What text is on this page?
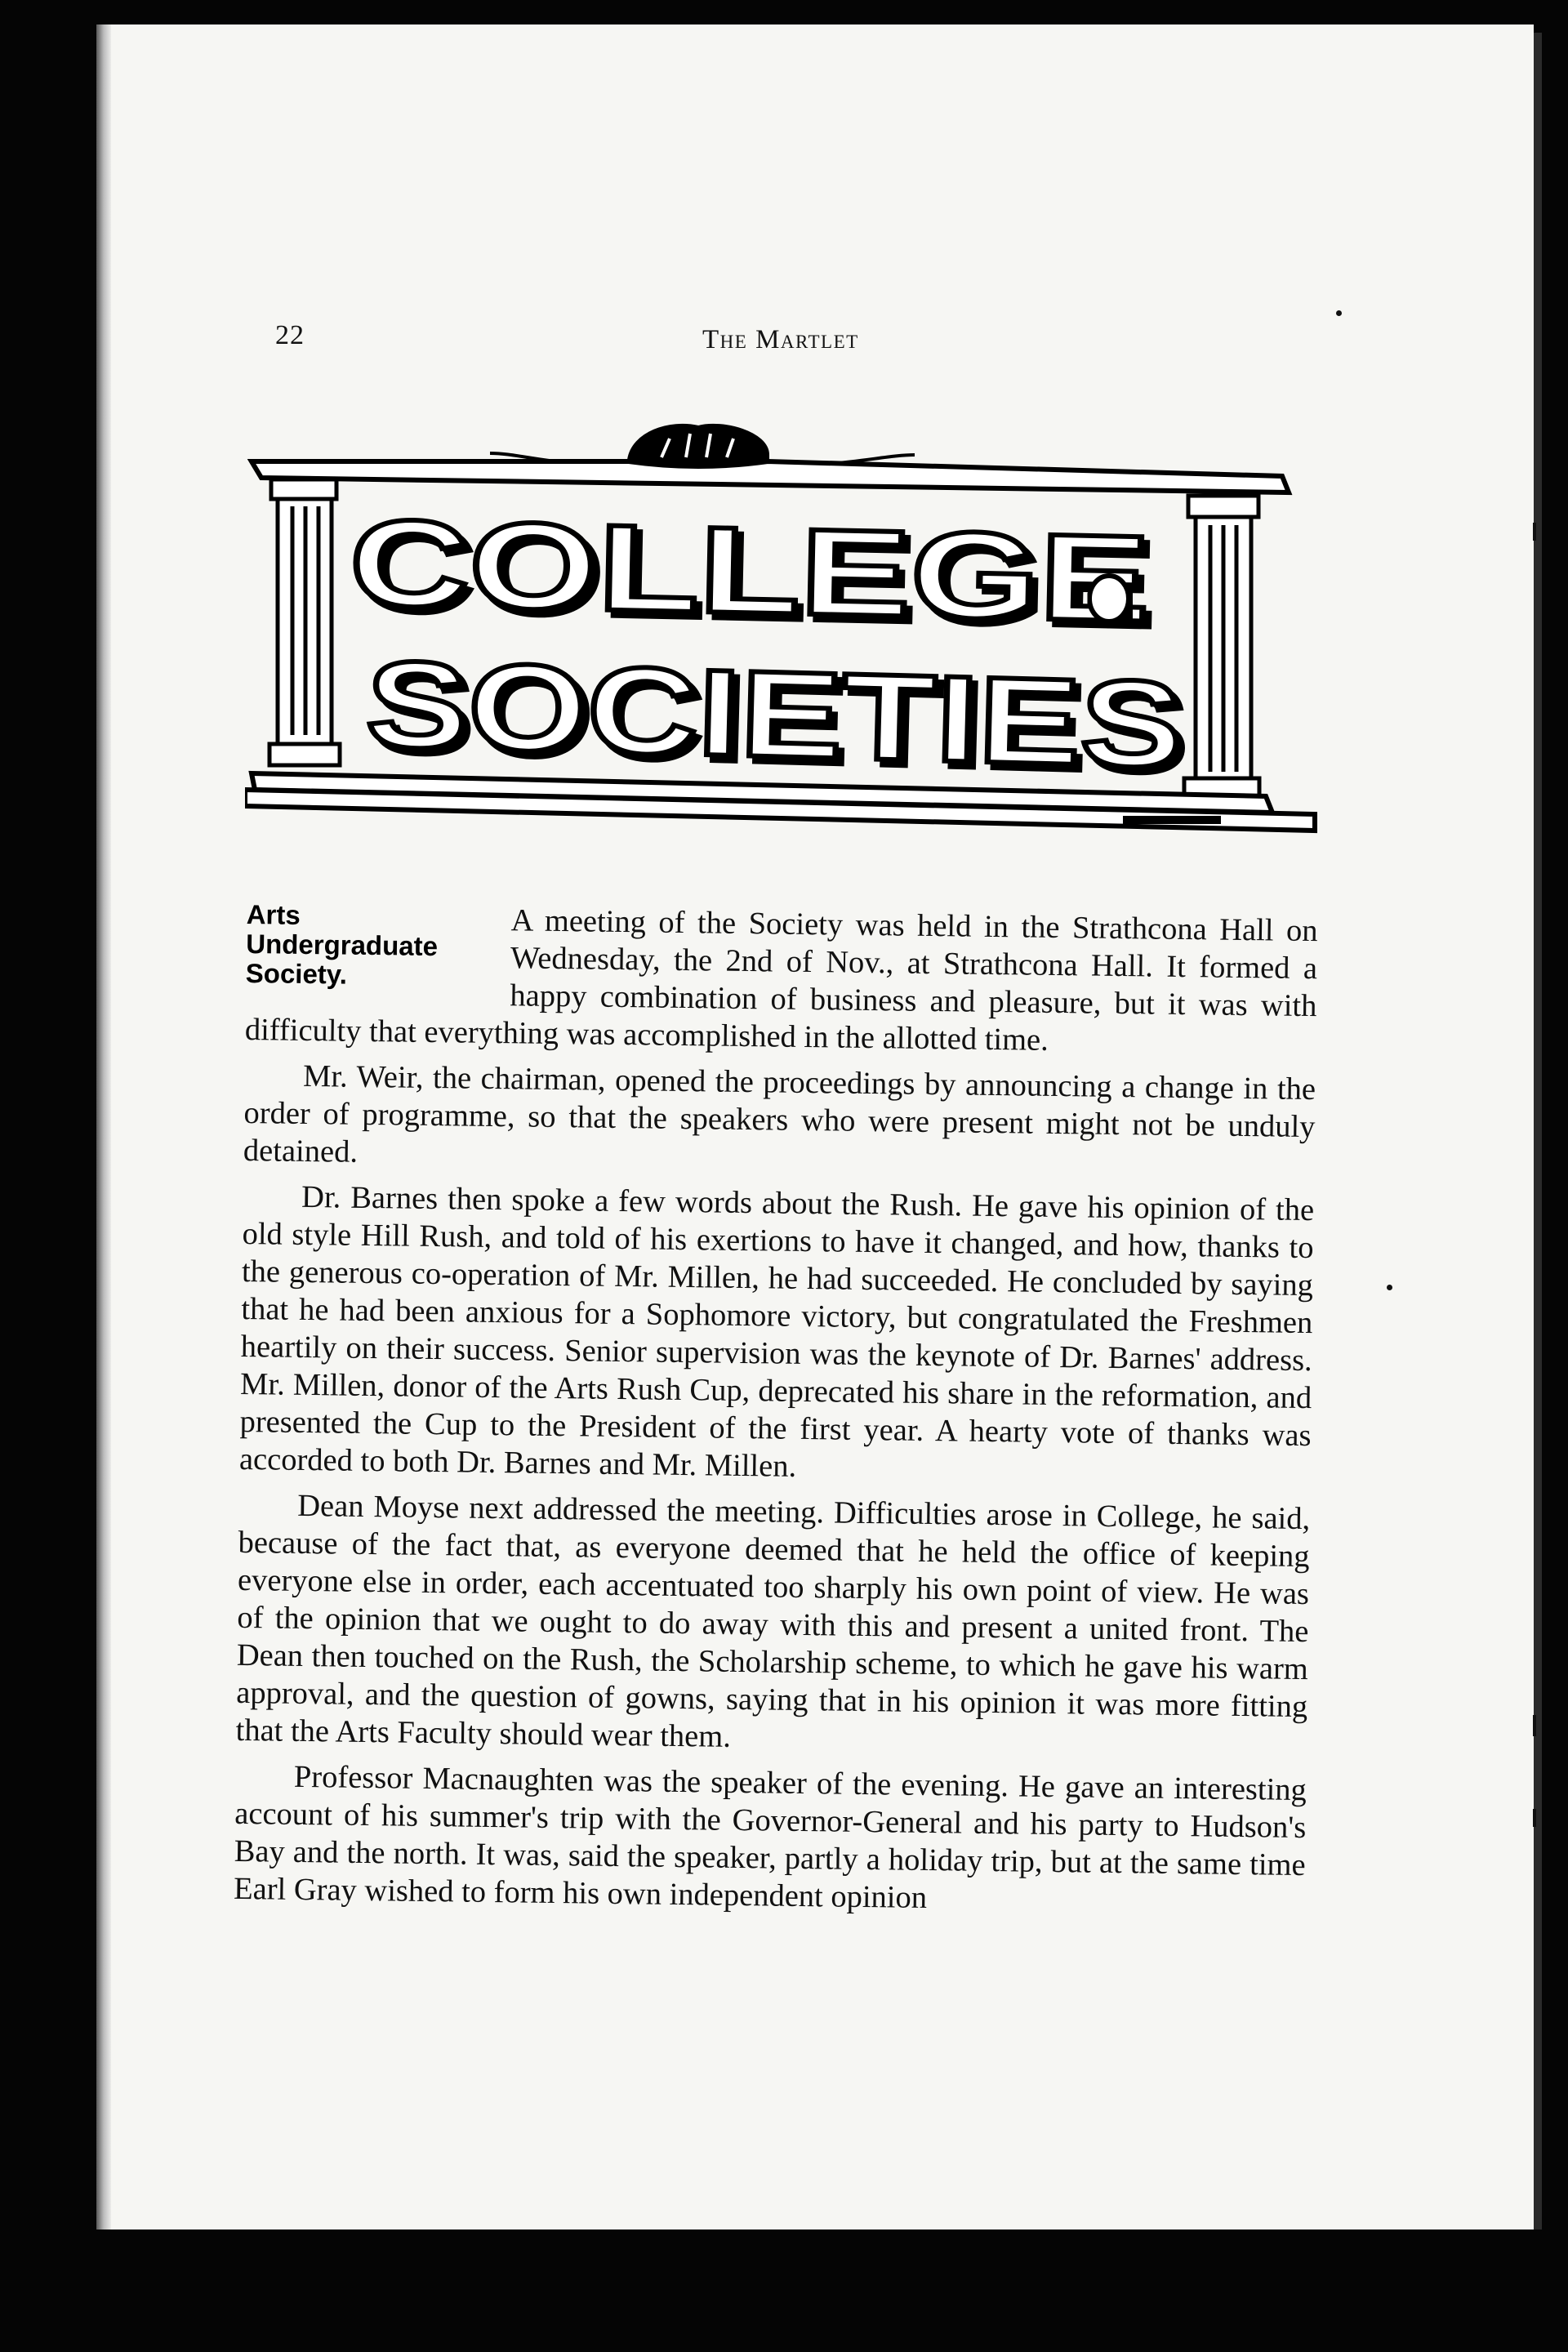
22	The Martlet
COLLEGE
SOCIETIES
Arts
Undergraduate
Society.

A meeting of the Society was held in the Strathcona Hall on Wednesday, the 2nd of Nov., at Strathcona Hall. It formed a happy combination of business and pleasure, but it was with difficulty that everything was accomplished in the allotted time.

Mr. Weir, the chairman, opened the proceedings by announcing a change in the order of programme, so that the speakers who were present might not be unduly detained.

Dr. Barnes then spoke a few words about the Rush. He gave his opinion of the old style Hill Rush, and told of his exertions to have it changed, and how, thanks to the generous co-operation of Mr. Millen, he had succeeded. He concluded by saying that he had been anxious for a Sophomore victory, but congratulated the Freshmen heartily on their success. Senior supervision was the keynote of Dr. Barnes' address. Mr. Millen, donor of the Arts Rush Cup, deprecated his share in the reformation, and presented the Cup to the President of the first year. A hearty vote of thanks was accorded to both Dr. Barnes and Mr. Millen.

Dean Moyse next addressed the meeting. Difficulties arose in College, he said, because of the fact that, as everyone deemed that he held the office of keeping everyone else in order, each accentuated too sharply his own point of view. He was of the opinion that we ought to do away with this and present a united front. The Dean then touched on the Rush, the Scholarship scheme, to which he gave his warm approval, and the question of gowns, saying that in his opinion it was more fitting that the Arts Faculty should wear them.

Professor Macnaughten was the speaker of the evening. He gave an interesting account of his summer's trip with the Governor-General and his party to Hudson's Bay and the north. It was, said the speaker, partly a holiday trip, but at the same time Earl Gray wished to form his own independent opinion
